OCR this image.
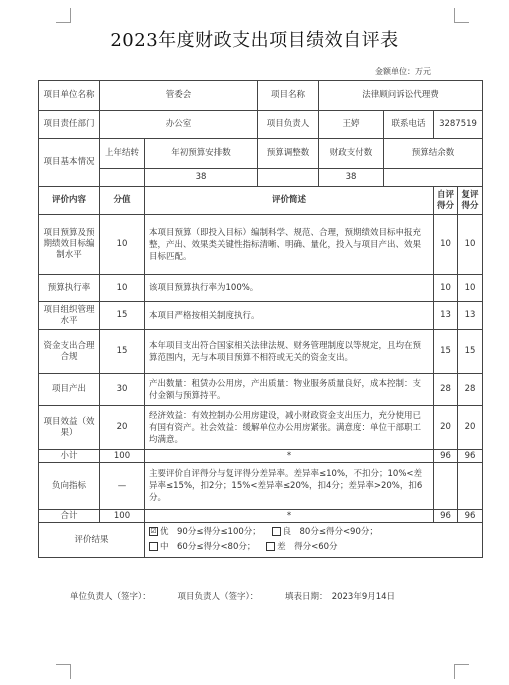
2023年度财政支出项目绩效自评表
金额单位：万元
项目单位名称	管委会		项目名称	法律顾问诉讼代理费			
项目责任部门	办公室		项目负责人	王婷	联系电话	3287519	
项目基本情况	上年结转	年初预算安排数	预算调整数	财政支付数	预算结余数		
		38		38			
评价内容	分值	评价简述				自评得分	复评得分
项目预算及预期绩效目标编制水平	10	本项目预算（即投入目标）编制科学、规范、合理，预期绩效目标申报充整，产出、效果类关键性指标清晰、明确、量化，投入与项目产出、效果目标匹配。				10	10
预算执行率	10	该项目预算执行率为100%。				10	10
项目组织管理水平	15	本项目严格按相关制度执行。				13	13
资金支出合理合规	15	本年项目支出符合国家相关法律法规、财务管理制度以等规定，且均在预算范围内，无与本项目预算不相符或无关的资金支出。				15	15
项目产出	30	产出数量：租赁办公用房，产出质量：物业服务质量良好，成本控制：支付金额与预算持平。				28	28
项目效益（效果）	20	经济效益：有效控制办公用房建设，减小财政资金支出压力，充分使用已有国有资产。社会效益：缓解单位办公用房紧张。满意度：单位干部职工均满意。				20	20
小计	100	*				96	96
负向指标	—	主要评价自评得分与复评得分差异率。差异率≤10%，不扣分；10%<差异率≤15%，扣2分；15%<差异率≤20%，扣4分；差异率>20%，扣6分。					
合计	100	*				96	96
评价结果		☑ 优　90分≤得分≤100分； 良　80分≤得分<90分；
中　60分≤得分<80分； 差　得分<60分					
单位负责人（签字）：	项目负责人（签字）：	填表日期：　2023年9月14日
